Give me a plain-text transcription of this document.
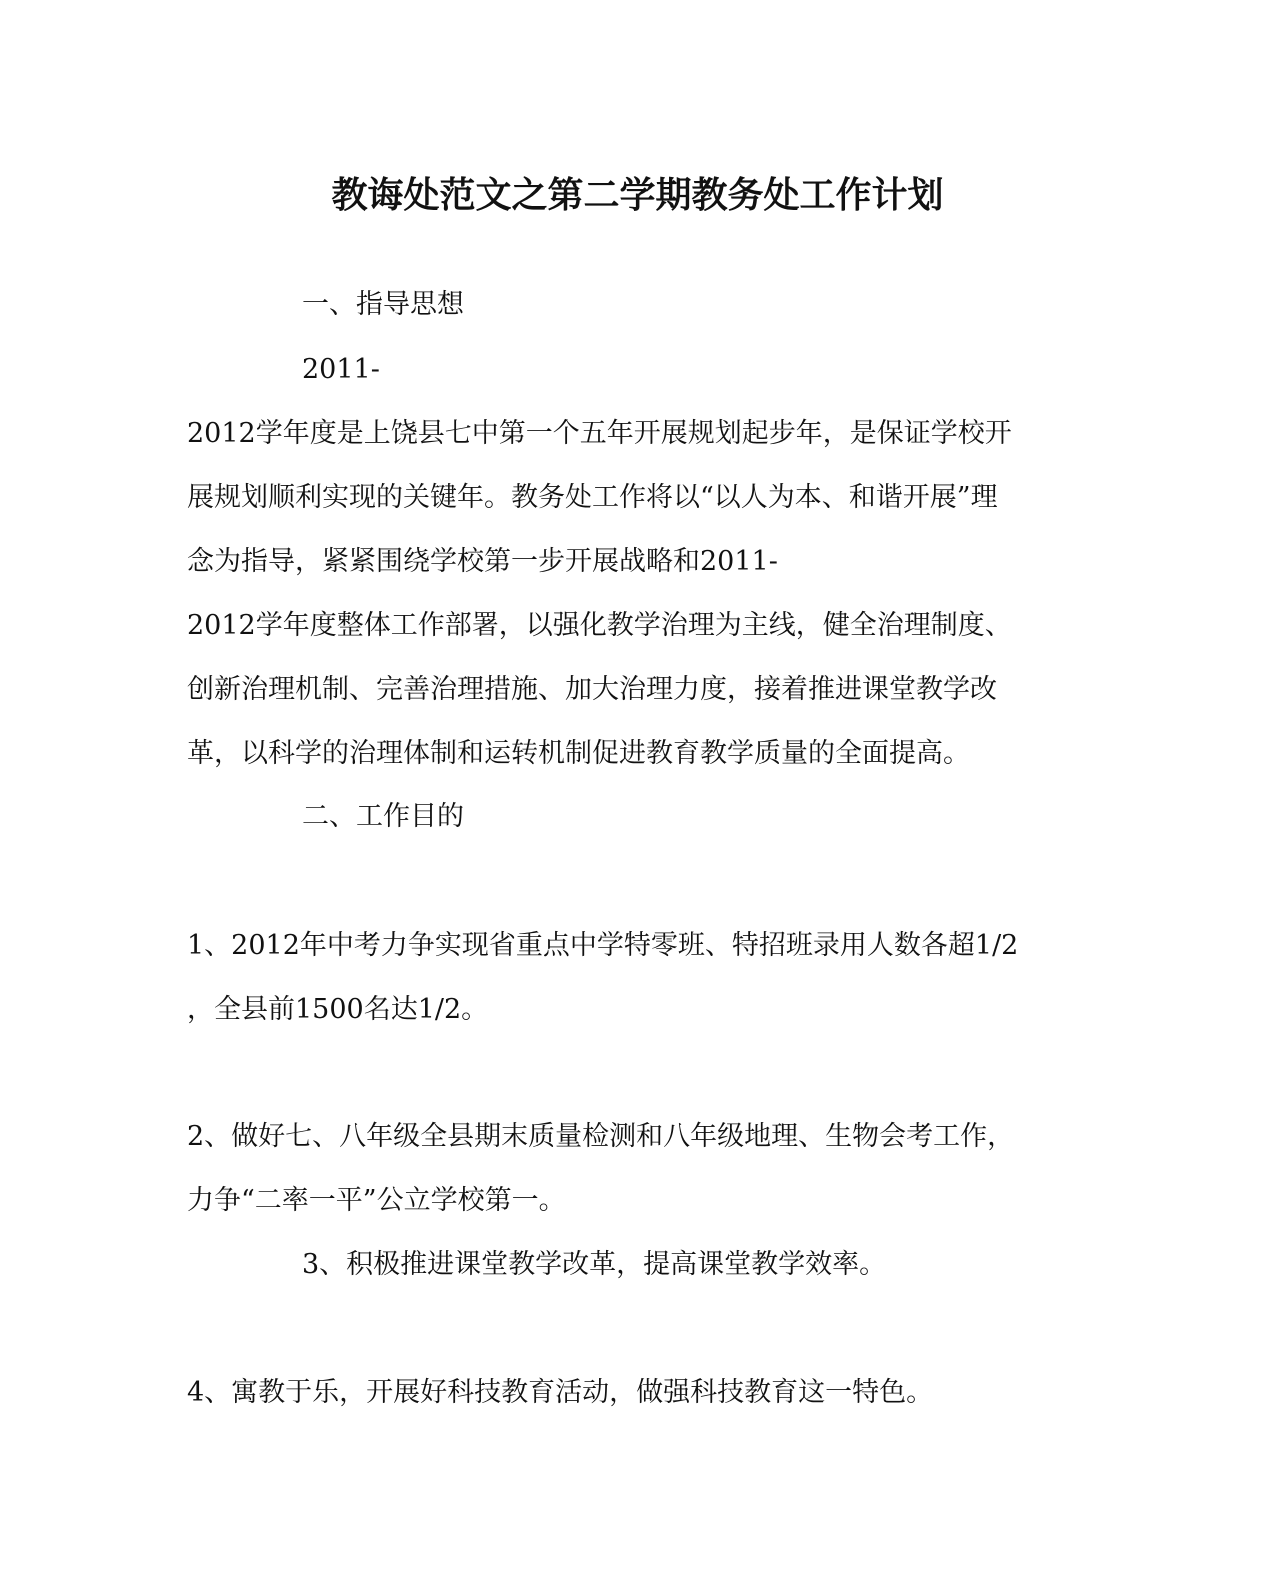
教诲处范文之第二学期教务处工作计划
一、指导思想
2011-
2012学年度是上饶县七中第一个五年开展规划起步年，是保证学校开
展规划顺利实现的关键年。教务处工作将以“以人为本、和谐开展”理
念为指导，紧紧围绕学校第一步开展战略和2011-
2012学年度整体工作部署，以强化教学治理为主线，健全治理制度、
创新治理机制、完善治理措施、加大治理力度，接着推进课堂教学改
革，以科学的治理体制和运转机制促进教育教学质量的全面提高。
二、工作目的
1、2012年中考力争实现省重点中学特零班、特招班录用人数各超1/2
，全县前1500名达1/2。
2、做好七、八年级全县期末质量检测和八年级地理、生物会考工作，
力争“二率一平”公立学校第一。
3、积极推进课堂教学改革，提高课堂教学效率。
4、寓教于乐，开展好科技教育活动，做强科技教育这一特色。
